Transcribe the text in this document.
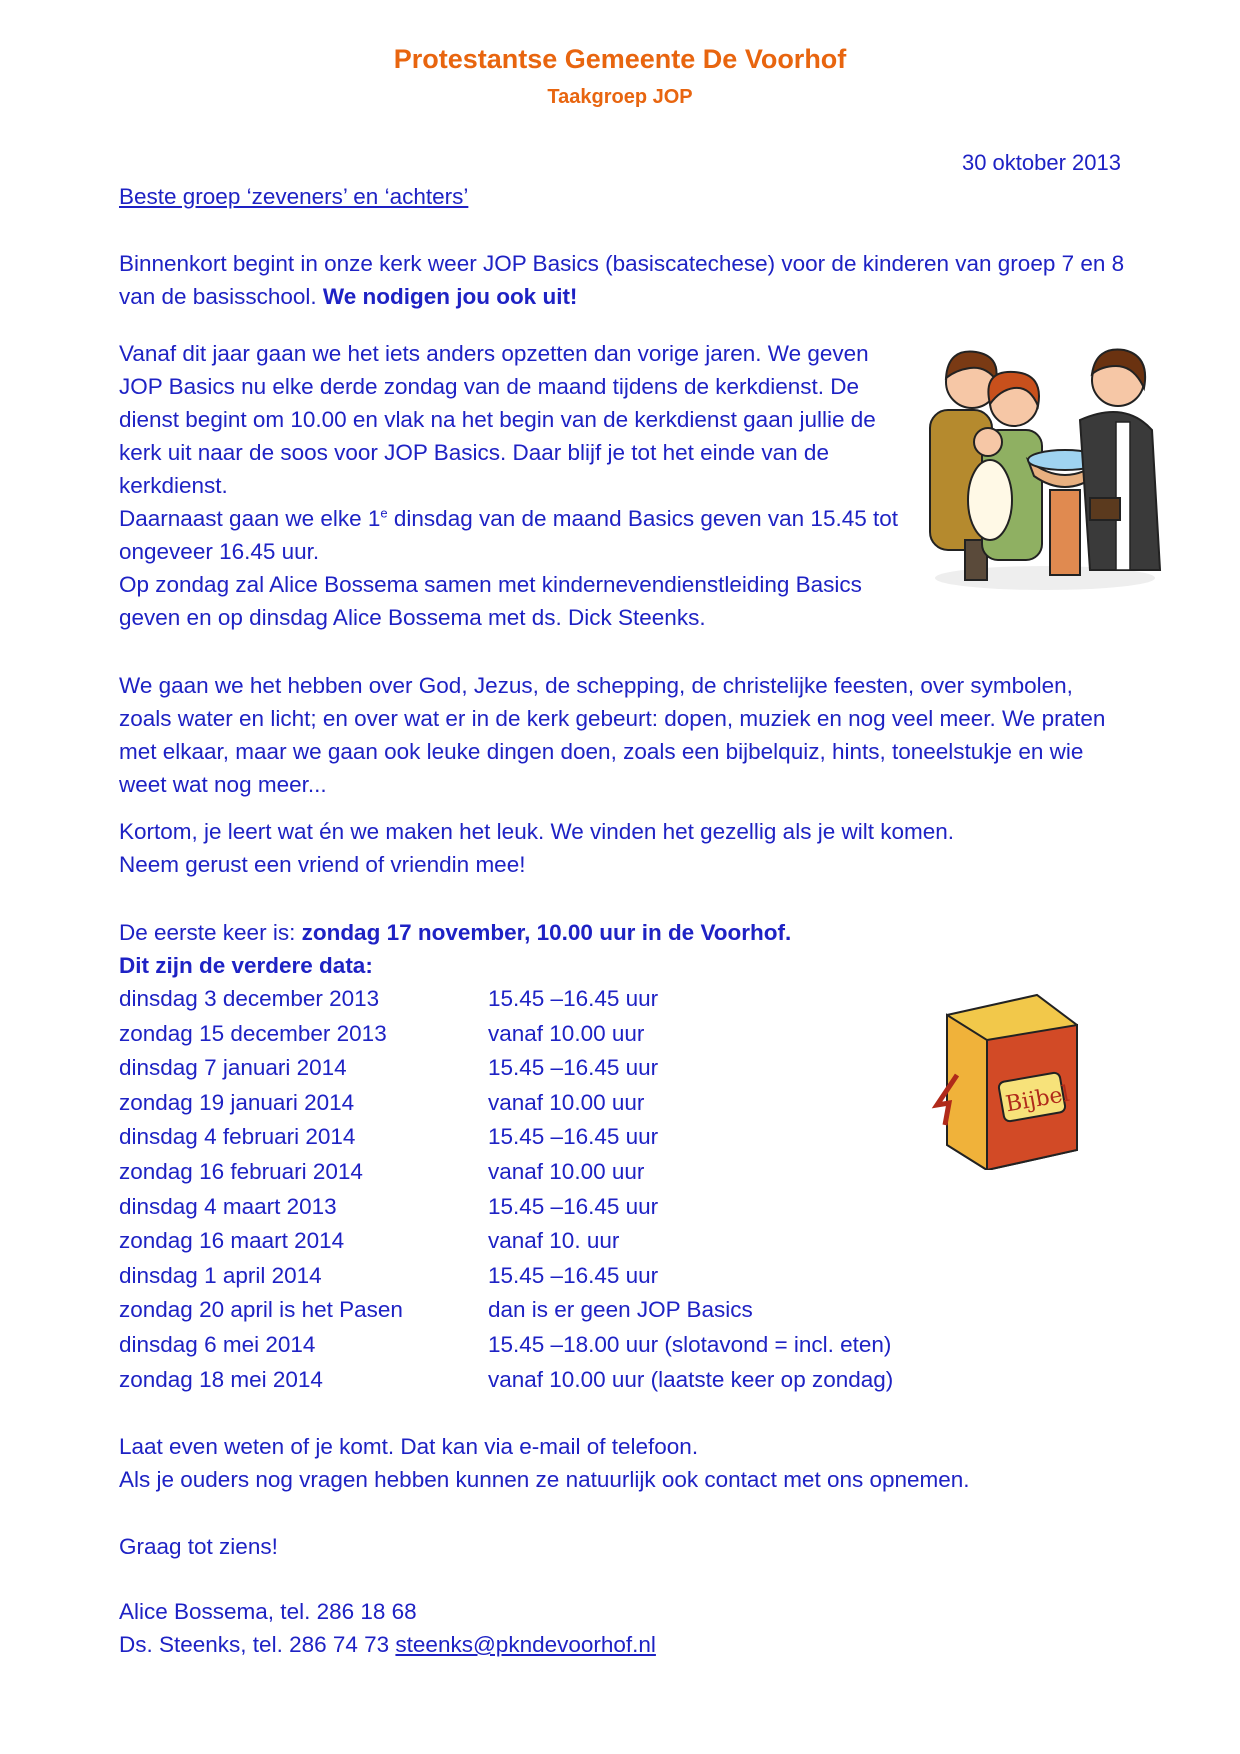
Protestantse Gemeente De Voorhof
Taakgroep JOP
30 oktober 2013
Beste groep ‘zeveners’ en ‘achters’

Binnenkort begint in onze kerk weer JOP Basics (basiscatechese) voor de kinderen van groep 7 en 8 van de basisschool. We nodigen jou ook uit!

Vanaf dit jaar gaan we het iets anders opzetten dan vorige jaren. We geven JOP Basics nu elke derde zondag van de maand tijdens de kerkdienst. De dienst begint om 10.00 en vlak na het begin van de kerkdienst gaan jullie de kerk uit naar de soos voor JOP Basics. Daar blijf je tot het einde van de kerkdienst.
Daarnaast gaan we elke 1e dinsdag van de maand Basics geven van 15.45 tot ongeveer 16.45 uur.
Op zondag zal Alice Bossema samen met kindernevendienstleiding Basics geven en op dinsdag Alice Bossema met ds. Dick Steenks.

We gaan we het hebben over God, Jezus, de schepping, de christelijke feesten, over symbolen, zoals water en licht; en over wat er in de kerk gebeurt: dopen, muziek en nog veel meer. We praten met elkaar, maar we gaan ook leuke dingen doen, zoals een bijbelquiz, hints, toneelstukje en wie weet wat nog meer...

Kortom, je leert wat én we maken het leuk. We vinden het gezellig als je wilt komen.
Neem gerust een vriend of vriendin mee!

De eerste keer is: zondag 17 november, 10.00 uur in de Voorhof.
Dit zijn de verdere data:

dinsdag 3 december 2013	15.45 –16.45 uur
zondag 15 december 2013	vanaf 10.00 uur
dinsdag 7 januari 2014	15.45 –16.45 uur
zondag 19 januari 2014	vanaf 10.00 uur
dinsdag 4 februari 2014	15.45 –16.45 uur
zondag 16 februari 2014	vanaf 10.00 uur
dinsdag 4 maart 2013	15.45 –16.45 uur
zondag 16 maart 2014	vanaf 10. uur
dinsdag 1 april 2014	15.45 –16.45 uur
zondag 20 april is het Pasen	dan is er geen JOP Basics
dinsdag 6 mei 2014	15.45 –18.00 uur (slotavond = incl. eten)
zondag 18 mei 2014	vanaf 10.00 uur (laatste keer op zondag)
Bijbel

Laat even weten of je komt. Dat kan via e-mail of telefoon.
Als je ouders nog vragen hebben kunnen ze natuurlijk ook contact met ons opnemen.

Graag tot ziens!

Alice Bossema, tel. 286 18 68
Ds. Steenks, tel. 286 74 73 steenks@pkndevoorhof.nl
